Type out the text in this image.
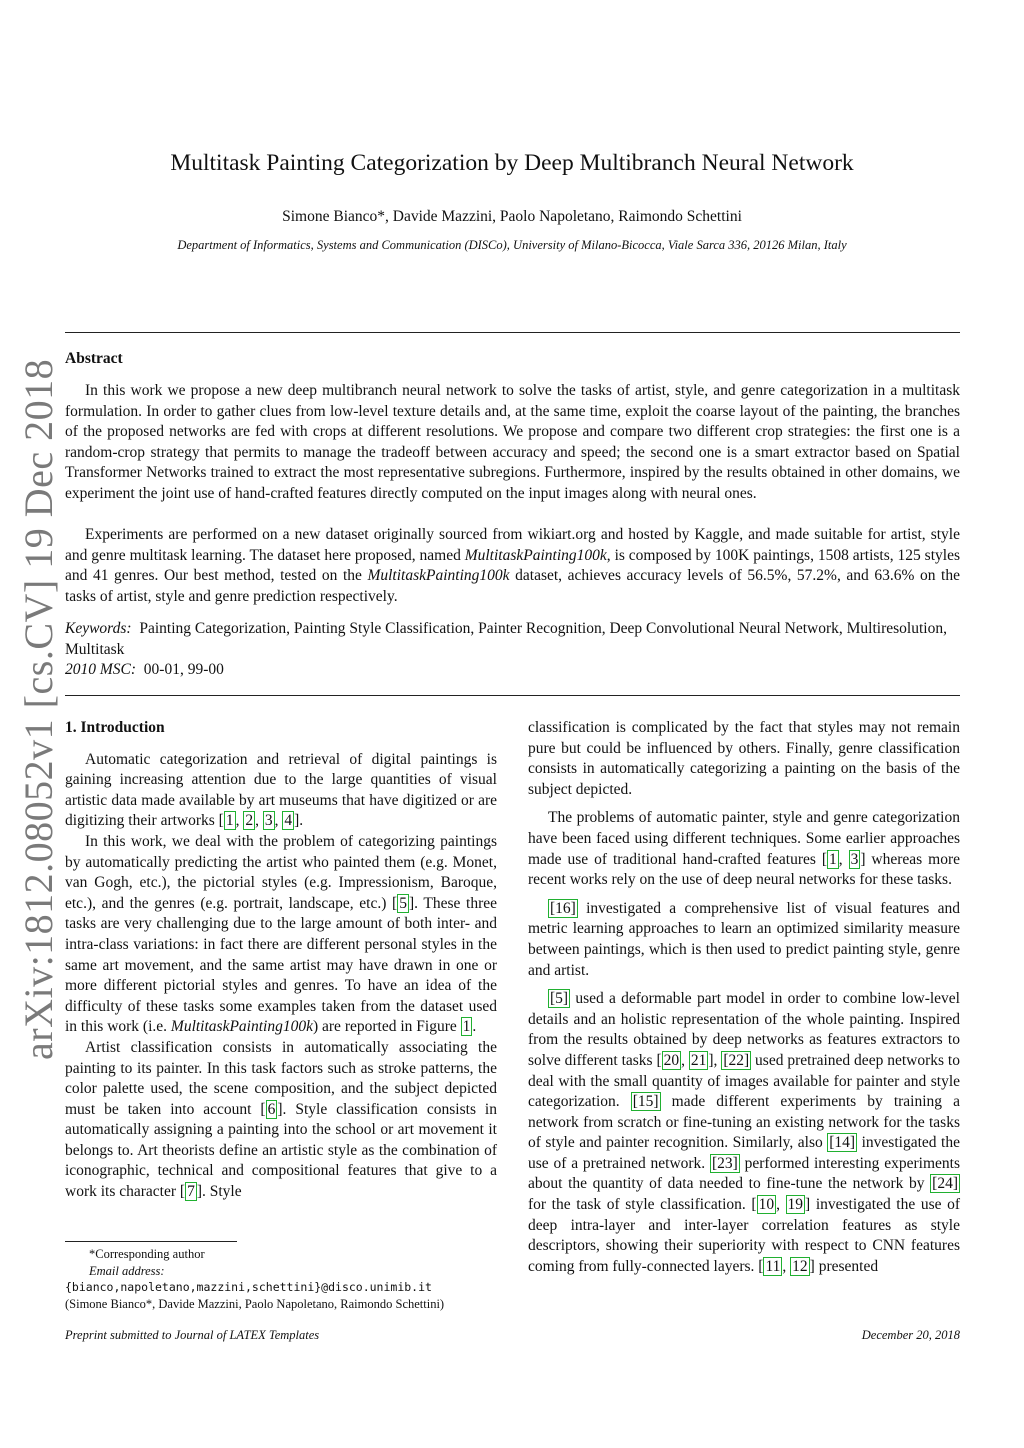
arXiv:1812.08052v1 [cs.CV] 19 Dec 2018
Multitask Painting Categorization by Deep Multibranch Neural Network
Simone Bianco*, Davide Mazzini, Paolo Napoletano, Raimondo Schettini
Department of Informatics, Systems and Communication (DISCo), University of Milano-Bicocca, Viale Sarca 336, 20126 Milan, Italy
Abstract

In this work we propose a new deep multibranch neural network to solve the tasks of artist, style, and genre categorization in a multitask formulation. In order to gather clues from low-level texture details and, at the same time, exploit the coarse layout of the painting, the branches of the proposed networks are fed with crops at different resolutions. We propose and compare two different crop strategies: the first one is a random-crop strategy that permits to manage the tradeoff between accuracy and speed; the second one is a smart extractor based on Spatial Transformer Networks trained to extract the most representative subregions. Furthermore, inspired by the results obtained in other domains, we experiment the joint use of hand-crafted features directly computed on the input images along with neural ones.

Experiments are performed on a new dataset originally sourced from wikiart.org and hosted by Kaggle, and made suitable for artist, style and genre multitask learning. The dataset here proposed, named MultitaskPainting100k, is composed by 100K paintings, 1508 artists, 125 styles and 41 genres. Our best method, tested on the MultitaskPainting100k dataset, achieves accuracy levels of 56.5%, 57.2%, and 63.6% on the tasks of artist, style and genre prediction respectively.

Keywords: Painting Categorization, Painting Style Classification, Painter Recognition, Deep Convolutional Neural Network, Multiresolution, Multitask
2010 MSC: 00-01, 99-00

1. Introduction

Automatic categorization and retrieval of digital paintings is gaining increasing attention due to the large quantities of visual artistic data made available by art museums that have digitized or are digitizing their artworks [ 1 , 2 , 3 , 4 ].

In this work, we deal with the problem of categorizing paintings by automatically predicting the artist who painted them (e.g. Monet, van Gogh, etc.), the pictorial styles (e.g. Impressionism, Baroque, etc.), and the genres (e.g. portrait, landscape, etc.) [ 5 ]. These three tasks are very challenging due to the large amount of both inter- and intra-class variations: in fact there are different personal styles in the same art movement, and the same artist may have drawn in one or more different pictorial styles and genres. To have an idea of the difficulty of these tasks some examples taken from the dataset used in this work (i.e. MultitaskPainting100k) are reported in Figure 1 .

Artist classification consists in automatically associating the painting to its painter. In this task factors such as stroke patterns, the color palette used, the scene composition, and the subject depicted must be taken into account [ 6 ]. Style classification consists in automatically assigning a painting into the school or art movement it belongs to. Art theorists define an artistic style as the combination of iconographic, technical and compositional features that give to a work its character [ 7 ]. Style

classification is complicated by the fact that styles may not remain pure but could be influenced by others. Finally, genre classification consists in automatically categorizing a painting on the basis of the subject depicted.

The problems of automatic painter, style and genre categorization have been faced using different techniques. Some earlier approaches made use of traditional hand-crafted features [ 1 , 3 ] whereas more recent works rely on the use of deep neural networks for these tasks.

[16] investigated a comprehensive list of visual features and metric learning approaches to learn an optimized similarity measure between paintings, which is then used to predict painting style, genre and artist.

[5] used a deformable part model in order to combine low-level details and an holistic representation of the whole painting. Inspired from the results obtained by deep networks as features extractors to solve different tasks [ 20 , 21 ], [22] used pretrained deep networks to deal with the small quantity of images available for painter and style categorization. [15] made different experiments by training a network from scratch or fine-tuning an existing network for the tasks of style and painter recognition. Similarly, also [14] investigated the use of a pretrained network. [23] performed interesting experiments about the quantity of data needed to fine-tune the network by [24] for the task of style classification. [ 10 , 19 ] investigated the use of deep intra-layer and inter-layer correlation features as style descriptors, showing their superiority with respect to CNN features coming from fully-connected layers. [ 11 , 12 ] presented

*Corresponding author
Email address:
{bianco,napoletano,mazzini,schettini}@disco.unimib.it
(Simone Bianco*, Davide Mazzini, Paolo Napoletano, Raimondo Schettini)
Preprint submitted to Journal of LATEX Templates	December 20, 2018
